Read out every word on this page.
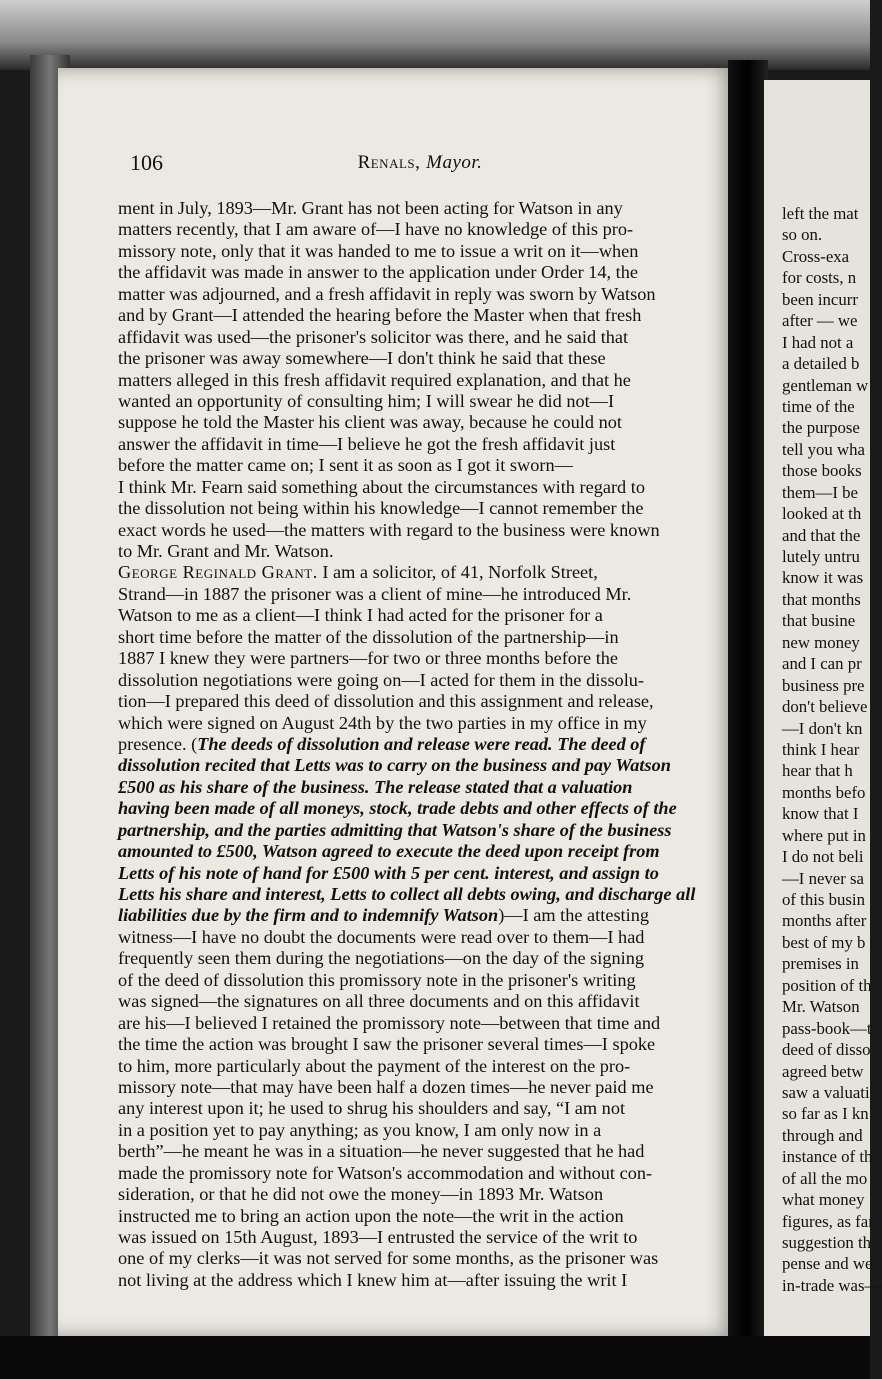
106	Renals, Mayor.
ment in July, 1893—Mr. Grant has not been acting for Watson in any
matters recently, that I am aware of—I have no knowledge of this pro-
missory note, only that it was handed to me to issue a writ on it—when
the affidavit was made in answer to the application under Order 14, the
matter was adjourned, and a fresh affidavit in reply was sworn by Watson
and by Grant—I attended the hearing before the Master when that fresh
affidavit was used—the prisoner's solicitor was there, and he said that
the prisoner was away somewhere—I don't think he said that these
matters alleged in this fresh affidavit required explanation, and that he
wanted an opportunity of consulting him; I will swear he did not—I
suppose he told the Master his client was away, because he could not
answer the affidavit in time—I believe he got the fresh affidavit just
before the matter came on; I sent it as soon as I got it sworn—
I think Mr. Fearn said something about the circumstances with regard to
the dissolution not being within his knowledge—I cannot remember the
exact words he used—the matters with regard to the business were known
to Mr. Grant and Mr. Watson.
George Reginald Grant. I am a solicitor, of 41, Norfolk Street,
Strand—in 1887 the prisoner was a client of mine—he introduced Mr.
Watson to me as a client—I think I had acted for the prisoner for a
short time before the matter of the dissolution of the partnership—in
1887 I knew they were partners—for two or three months before the
dissolution negotiations were going on—I acted for them in the dissolu-
tion—I prepared this deed of dissolution and this assignment and release,
which were signed on August 24th by the two parties in my office in my
presence. (The deeds of dissolution and release were read. The deed of
dissolution recited that Letts was to carry on the business and pay Watson
£500 as his share of the business. The release stated that a valuation
having been made of all moneys, stock, trade debts and other effects of the
partnership, and the parties admitting that Watson's share of the business
amounted to £500, Watson agreed to execute the deed upon receipt from
Letts of his note of hand for £500 with 5 per cent. interest, and assign to
Letts his share and interest, Letts to collect all debts owing, and discharge all
liabilities due by the firm and to indemnify Watson)—I am the attesting
witness—I have no doubt the documents were read over to them—I had
frequently seen them during the negotiations—on the day of the signing
of the deed of dissolution this promissory note in the prisoner's writing
was signed—the signatures on all three documents and on this affidavit
are his—I believed I retained the promissory note—between that time and
the time the action was brought I saw the prisoner several times—I spoke
to him, more particularly about the payment of the interest on the pro-
missory note—that may have been half a dozen times—he never paid me
any interest upon it; he used to shrug his shoulders and say, “I am not
in a position yet to pay anything; as you know, I am only now in a
berth”—he meant he was in a situation—he never suggested that he had
made the promissory note for Watson's accommodation and without con-
sideration, or that he did not owe the money—in 1893 Mr. Watson
instructed me to bring an action upon the note—the writ in the action
was issued on 15th August, 1893—I entrusted the service of the writ to
one of my clerks—it was not served for some months, as the prisoner was
not living at the address which I knew him at—after issuing the writ I
left the mat
so on.
Cross-exa
for costs, n
been incurr
after — we
I had not a
a detailed b
gentleman w
time of the
the purpose
tell you wha
those books
them—I be
looked at th
and that the
lutely untru
know it was
that months
that busine
new money
and I can pr
business pre
don't believe
—I don't kn
think I hear
hear that h
months befo
know that I
where put in
I do not beli
—I never sa
of this busin
months after
best of my b
premises in
position of th
Mr. Watson
pass-book—t
deed of disso
agreed betw
saw a valuati
so far as I kn
through and
instance of th
of all the mo
what money
figures, as far
suggestion th
pense and we
in-trade was—
